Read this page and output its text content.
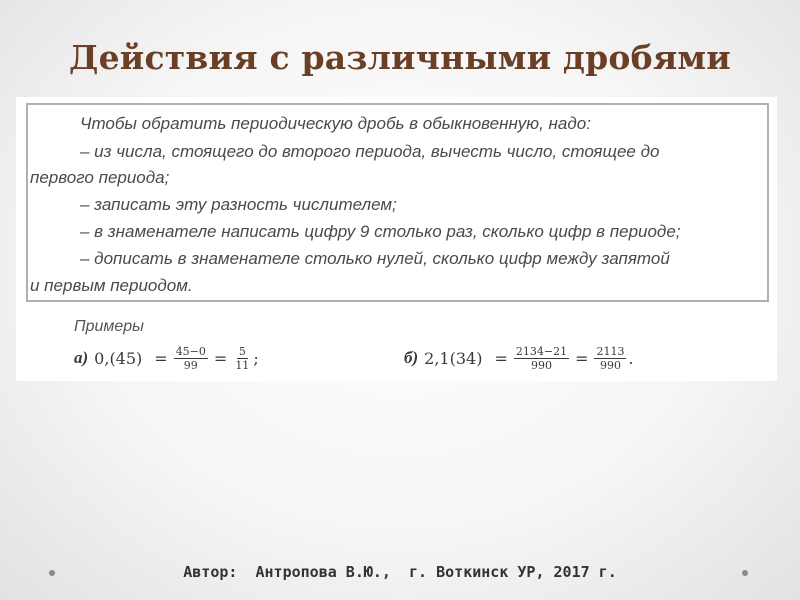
Действия с различными дробями
Чтобы обратить периодическую дробь в обыкновенную, надо:
– из числа, стоящего до второго периода, вычесть число, стоящее до
первого периода;
– записать эту разность числителем;
– в знаменателе написать цифру 9 столько раз, сколько цифр в периоде;
– дописать в знаменателе столько нулей, сколько цифр между запятой
и первым периодом.
Примеры
а) $0,(45) = \frac{45-0}{99} = \frac{5}{11}$ ;	б) $2,1(34) = \frac{2134-21}{990} = \frac{2113}{990}$ .
Автор:  Антропова В.Ю.,  г. Воткинск УР, 2017 г.
